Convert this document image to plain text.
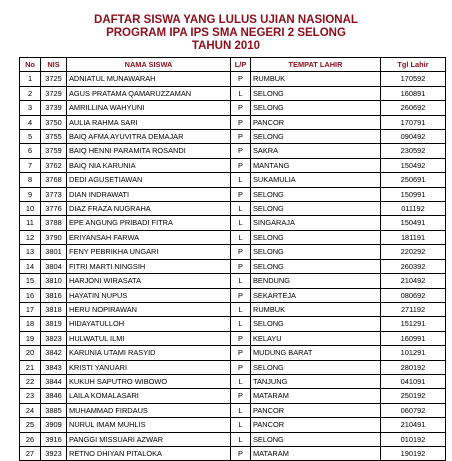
DAFTAR SISWA YANG LULUS UJIAN NASIONAL
PROGRAM IPA IPS SMA NEGERI 2 SELONG
TAHUN 2010
No	NIS	NAMA SISWA	L/P	TEMPAT LAHIR	Tgl Lahir
1	3725	ADNIATUL MUNAWARAH	P	RUMBUK	170592
2	3729	AGUS PRATAMA QAMARUZZAMAN	L	SELONG	160891
3	3739	AMRILLINA WAHYUNI	P	SELONG	260692
4	3750	AULIA RAHMA SARI	P	PANCOR	170791
5	3755	BAIQ AFMA AYUVITRA DEMAJAR	P	SELONG	090492
6	3759	BAIQ HENNI PARAMITA ROSANDI	P	SAKRA	230592
7	3762	BAIQ NIA KARUNIA	P	MANTANG	150492
8	3768	DEDI AGUSETIAWAN	L	SUKAMULIA	250691
9	3773	DIAN INDRAWATI	P	SELONG	150991
10	3776	DIAZ FRAZA NUGRAHA	L	SELONG	011192
11	3788	EPE ANGUNG PRIBADI FITRA	L	SINGARAJA	150491
12	3790	ERIYANSAH FARWA	L	SELONG	181191
13	3801	FENY PEBRIKHA UNGARI	P	SELONG	220292
14	3804	FITRI MARTI NINGSIH	P	SELONG	260392
15	3810	HARJONI WIRASATA	L	BENDUNG	210492
16	3816	HAYATIN NUPUS	P	SEKARTEJA	080692
17	3818	HERU NOPIRAWAN	L	RUMBUK	271192
18	3819	HIDAYATULLOH	L	SELONG	151291
19	3823	HULWATUL ILMI	P	KELAYU	160991
20	3842	KARUNIA UTAMI RASYID	P	MUDUNG BARAT	101291
21	3843	KRISTI YANUARI	P	SELONG	280192
22	3844	KUKUH SAPUTRO WIBOWO	L	TANJUNG	041091
23	3846	LAILA KOMALASARI	P	MATARAM	250192
24	3885	MUHAMMAD FIRDAUS	L	PANCOR	060792
25	3909	NURUL IMAM MUHLIS	L	PANCOR	210491
26	3916	PANGGI MISSUARI AZWAR	L	SELONG	010192
27	3923	RETNO DHIYAN PITALOKA	P	MATARAM	190192
